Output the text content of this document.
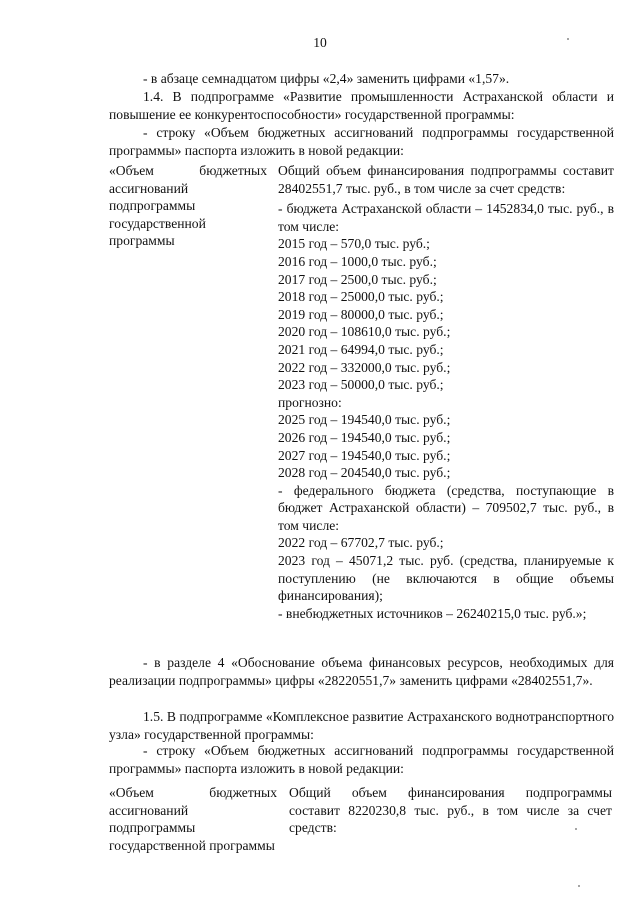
10
- в абзаце семнадцатом цифры «2,4» заменить цифрами «1,57».
1.4. В подпрограмме «Развитие промышленности Астраханской области и повышение ее конкурентоспособности» государственной программы:
- строку «Объем бюджетных ассигнований подпрограммы государственной программы» паспорта изложить в новой редакции:
«Объем бюджетных ассигнований подпрограммы государственной программы
Общий объем финансирования подпрограммы составит 28402551,7 тыс. руб., в том числе за счет средств:
- бюджета Астраханской области – 1452834,0 тыс. руб., в том числе:
2015 год – 570,0 тыс. руб.;
2016 год – 1000,0 тыс. руб.;
2017 год – 2500,0 тыс. руб.;
2018 год – 25000,0 тыс. руб.;
2019 год – 80000,0 тыс. руб.;
2020 год – 108610,0 тыс. руб.;
2021 год – 64994,0 тыс. руб.;
2022 год – 332000,0 тыс. руб.;
2023 год – 50000,0 тыс. руб.;
прогнозно:
2025 год – 194540,0 тыс. руб.;
2026 год – 194540,0 тыс. руб.;
2027 год – 194540,0 тыс. руб.;
2028 год – 204540,0 тыс. руб.;
- федерального бюджета (средства, поступающие в бюджет Астраханской области) – 709502,7 тыс. руб., в том числе:
2022 год – 67702,7 тыс. руб.;
2023 год – 45071,2 тыс. руб. (средства, планируемые к поступлению (не включаются в общие объемы финансирования);
- внебюджетных источников – 26240215,0 тыс. руб.»;
- в разделе 4 «Обоснование объема финансовых ресурсов, необходимых для реализации подпрограммы» цифры «28220551,7» заменить цифрами «28402551,7».
1.5. В подпрограмме «Комплексное развитие Астраханского воднотранспортного узла» государственной программы:
- строку «Объем бюджетных ассигнований подпрограммы государственной программы» паспорта изложить в новой редакции:
«Объем бюджетных ассигнований подпрограммы государственной программы
Общий объем финансирования подпрограммы составит 8220230,8 тыс. руб., в том числе за счет средств:
